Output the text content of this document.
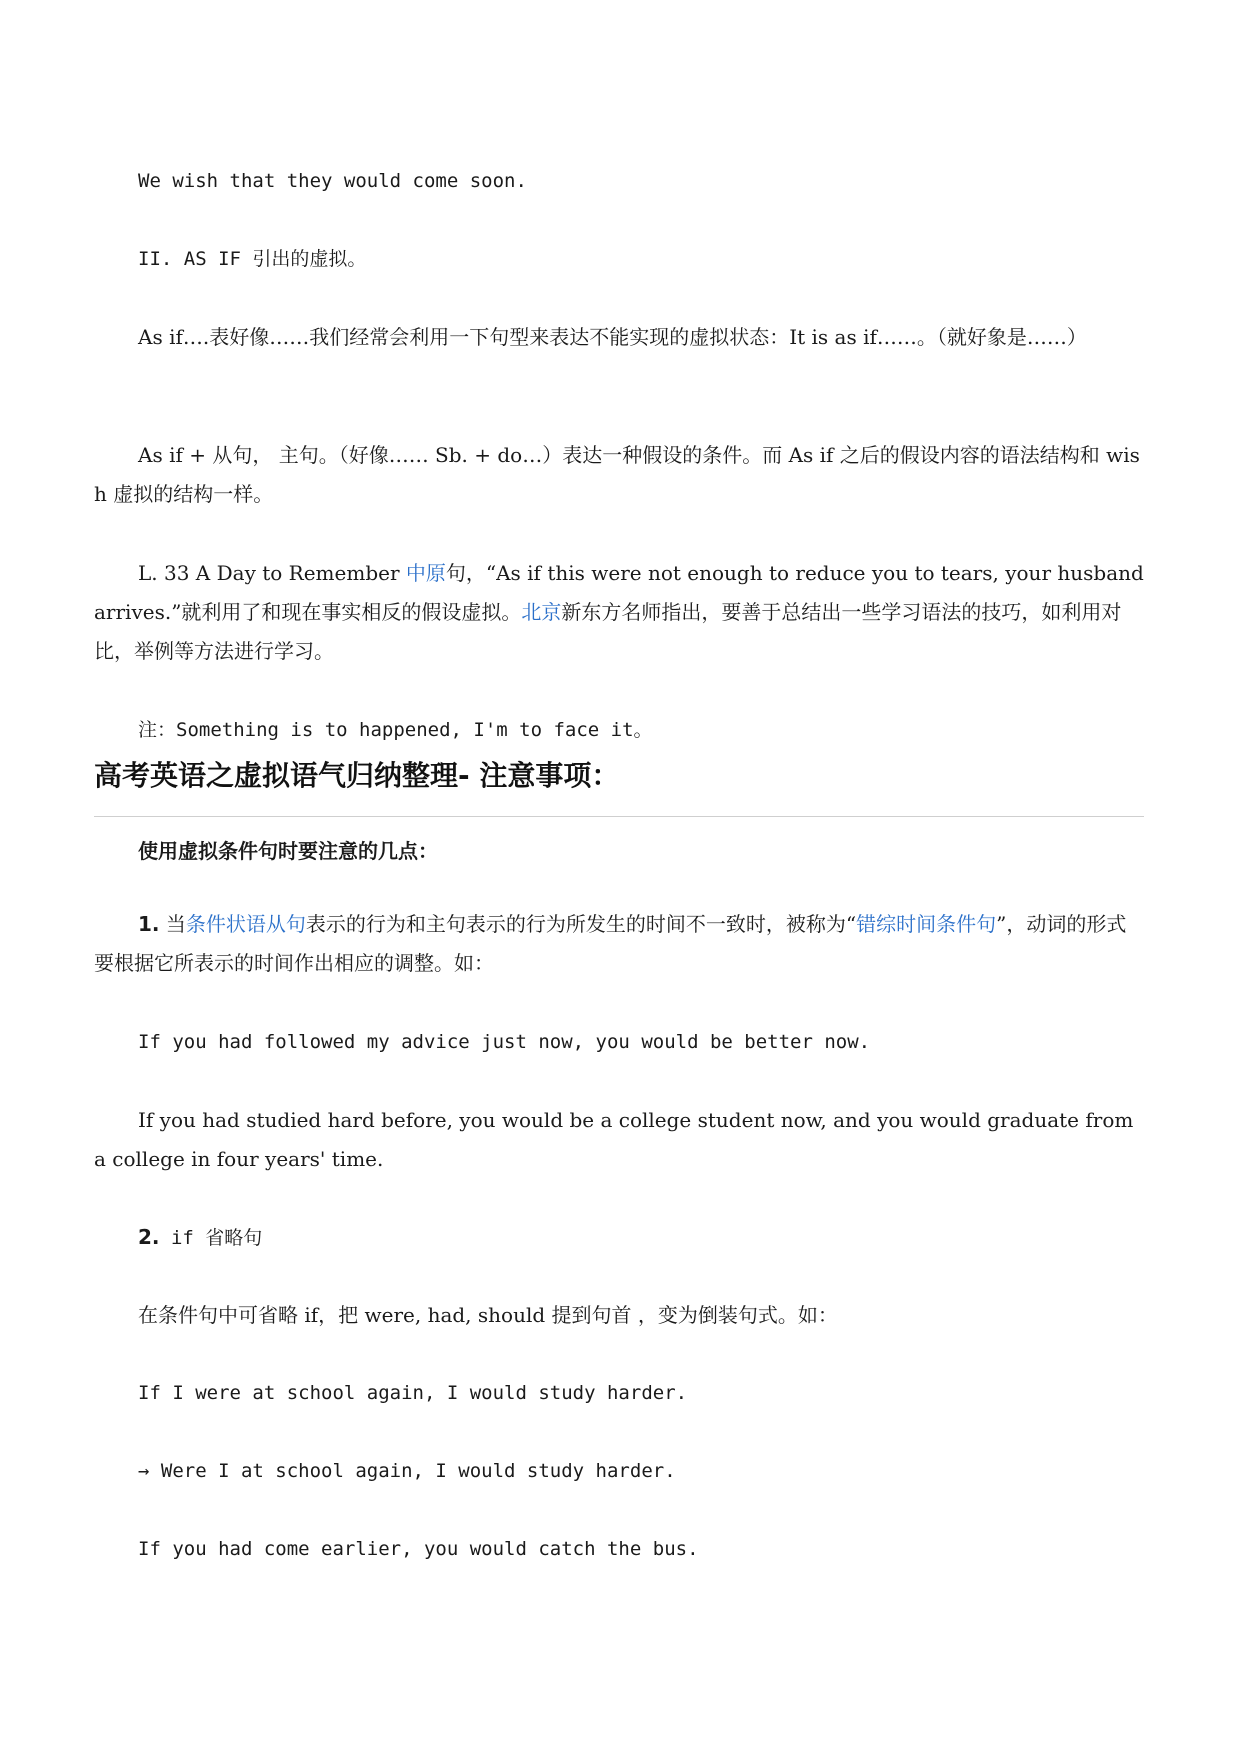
We wish that they would come soon.
II. AS IF 引出的虚拟。
As if….表好像……我们经常会利用一下句型来表达不能实现的虚拟状态：It is as if……。（就好象是……）
As if + 从句， 主句。（好像…… Sb. + do…）表达一种假设的条件。而 As if 之后的假设内容的语法结构和 wish 虚拟的结构一样。
L. 33 A Day to Remember 中原句，“As if this were not enough to reduce you to tears, your husbandarrives.”就利用了和现在事实相反的假设虚拟。北京新东方名师指出，要善于总结出一些学习语法的技巧，如利用对比，举例等方法进行学习。
注：Something is to happened, I'm to face it。
高考英语之虚拟语气归纳整理- 注意事项：
使用虚拟条件句时要注意的几点：
1. 当条件状语从句表示的行为和主句表示的行为所发生的时间不一致时，被称为“错综时间条件句”，动词的形式要根据它所表示的时间作出相应的调整。如：
If you had followed my advice just now, you would be better now.
If you had studied hard before, you would be a college student now, and you would graduate from a college in four years' time.
2. if 省略句
在条件句中可省略 if，把 were, had, should 提到句首 ，变为倒装句式。如：
If I were at school again, I would study harder.
→ Were I at school again, I would study harder.
If you had come earlier, you would catch the bus.
